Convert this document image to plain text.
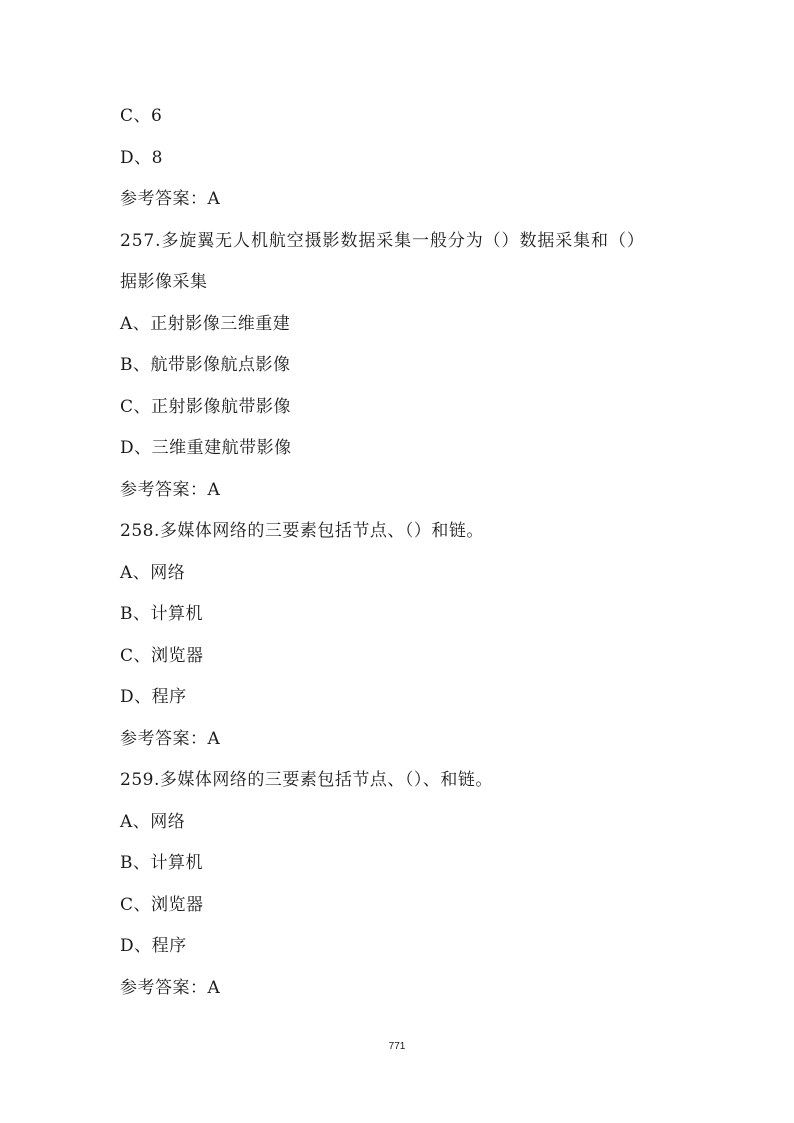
C、6
D、8
参考答案：A
257.多旋翼无人机航空摄影数据采集一般分为（）数据采集和（）
据影像采集
A、正射影像三维重建
B、航带影像航点影像
C、正射影像航带影像
D、三维重建航带影像
参考答案：A
258.多媒体网络的三要素包括节点、（）和链。
A、网络
B、计算机
C、浏览器
D、程序
参考答案：A
259.多媒体网络的三要素包括节点、（）、和链。
A、网络
B、计算机
C、浏览器
D、程序
参考答案：A
771
